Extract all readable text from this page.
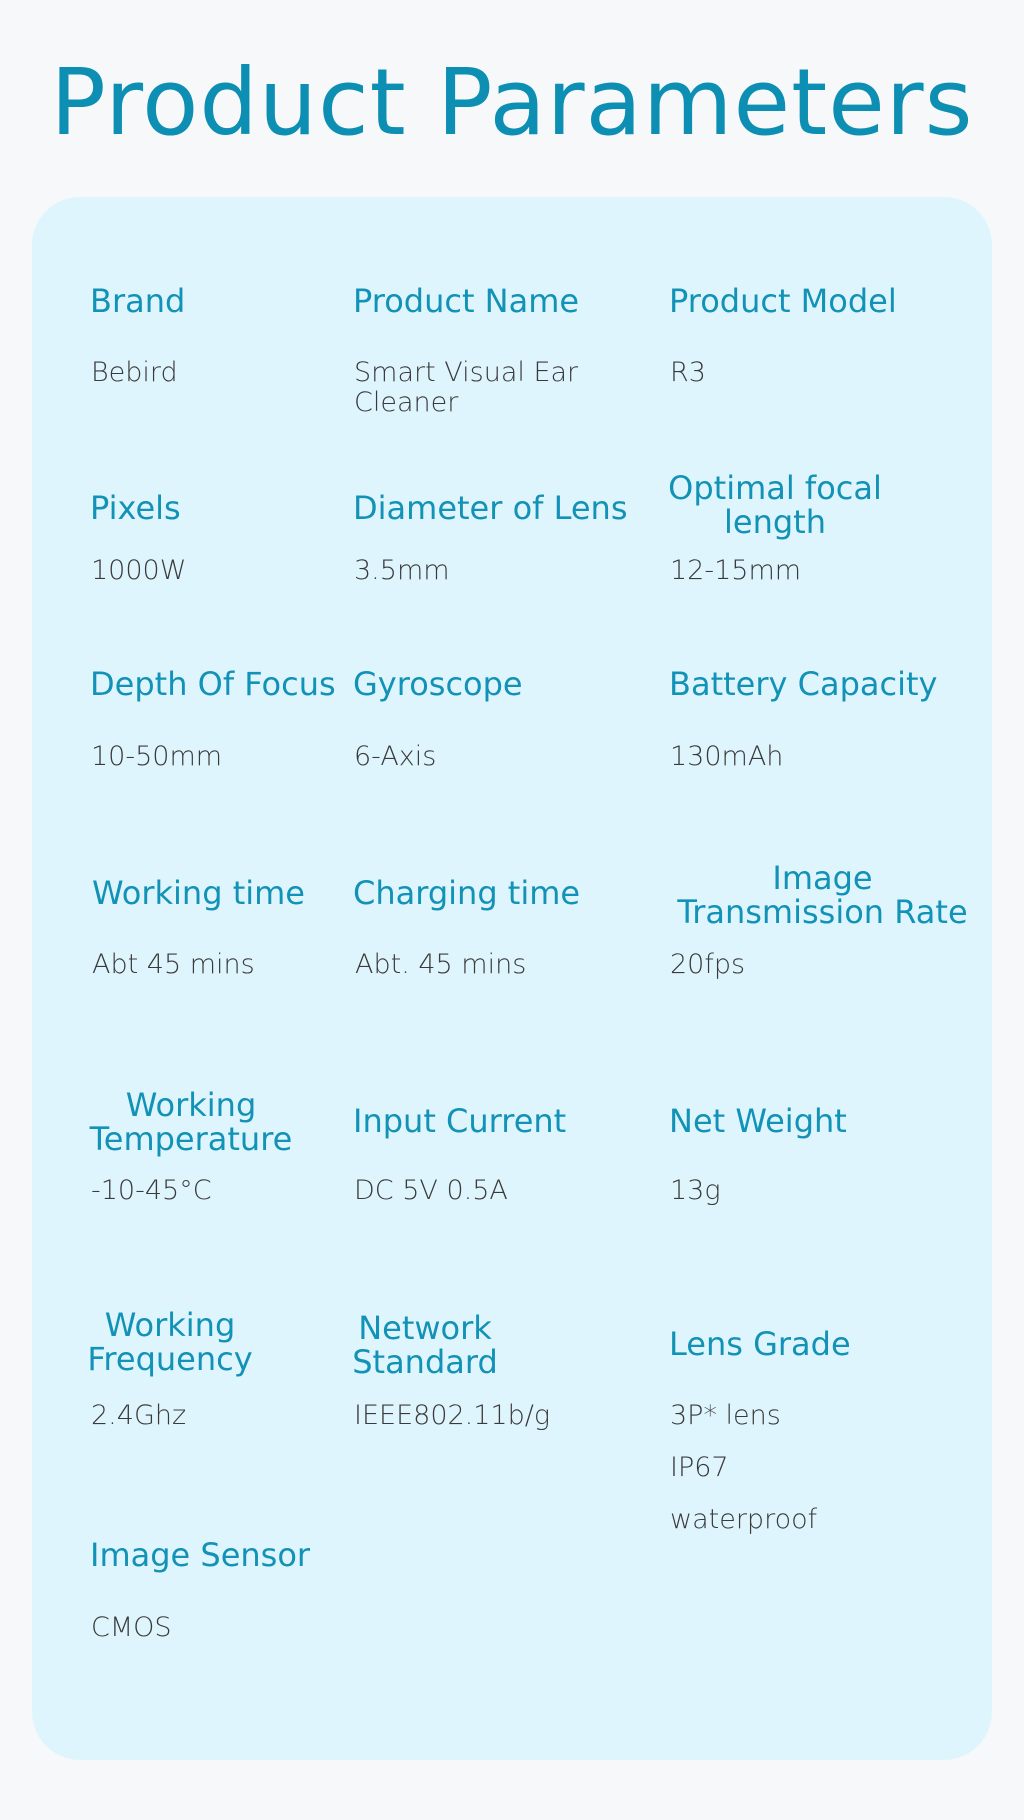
Product Parameters
Brand
Bebird
Product Name
Smart Visual Ear Cleaner
Product Model
R3
Pixels
1000W
Diameter of Lens
3.5mm
Optimal focal length
12-15mm
Depth Of Focus
10-50mm
Gyroscope
6-Axis
Battery Capacity
130mAh
Working time
Abt 45 mins
Charging time
Abt. 45 mins
Image Transmission Rate
20fps
Working Temperature
-10-45°C
Input Current
DC 5V 0.5A
Net Weight
13g
Working Frequency
2.4Ghz
Network Standard
IEEE802.11b/g
Lens Grade
3P* lens IP67 waterproof
Image Sensor
CMOS
